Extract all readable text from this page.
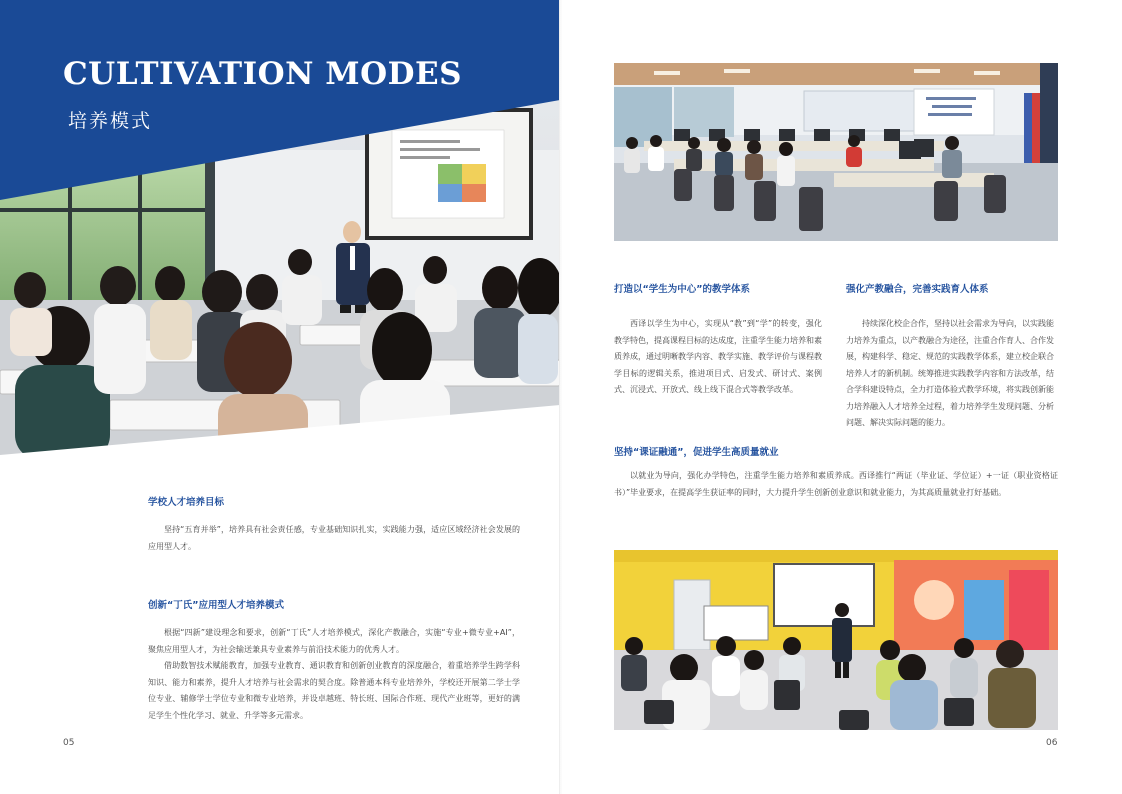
CULTIVATION MODES
培养模式
学校人才培养目标
坚持“五育并举”，培养具有社会责任感，专业基础知识扎实，实践能力强，适应区域经济社会发展的应用型人才。
创新“丁氏”应用型人才培养模式
根据“四新”建设理念和要求，创新“丁氏”人才培养模式，深化产教融合，实施“专业+微专业+AI”，聚焦应用型人才，为社会输送兼具专业素养与前沿技术能力的优秀人才。
借助数智技术赋能教育，加强专业教育、通识教育和创新创业教育的深度融合，着重培养学生跨学科知识、能力和素养，提升人才培养与社会需求的契合度。除普通本科专业培养外，学校还开展第二学士学位专业、辅修学士学位专业和微专业培养，并设卓越班、特长班、国际合作班、现代产业班等，更好的满足学生个性化学习、就业、升学等多元需求。
05
打造以“学生为中心”的教学体系
西译以学生为中心，实现从“教”到“学”的转变，强化教学特色，提高课程目标的达成度，注重学生能力培养和素质养成，通过明晰教学内容、教学实施、教学评价与课程教学目标的逻辑关系，推进项目式、启发式、研讨式、案例式、沉浸式、开放式、线上线下混合式等教学改革。
强化产教融合，完善实践育人体系
持续深化校企合作，坚持以社会需求为导向，以实践能力培养为重点，以产教融合为途径，注重合作育人、合作发展，构建科学、稳定、规范的实践教学体系，建立校企联合培养人才的新机制。统筹推进实践教学内容和方法改革，结合学科建设特点，全力打造体验式教学环境，将实践创新能力培养融入人才培养全过程，着力培养学生发现问题、分析问题、解决实际问题的能力。
坚持“课证融通”，促进学生高质量就业
以就业为导向，强化办学特色，注重学生能力培养和素质养成。西译推行“两证（毕业证、学位证）+一证（职业资格证书）”毕业要求，在提高学生获证率的同时，大力提升学生创新创业意识和就业能力，为其高质量就业打好基础。
06
